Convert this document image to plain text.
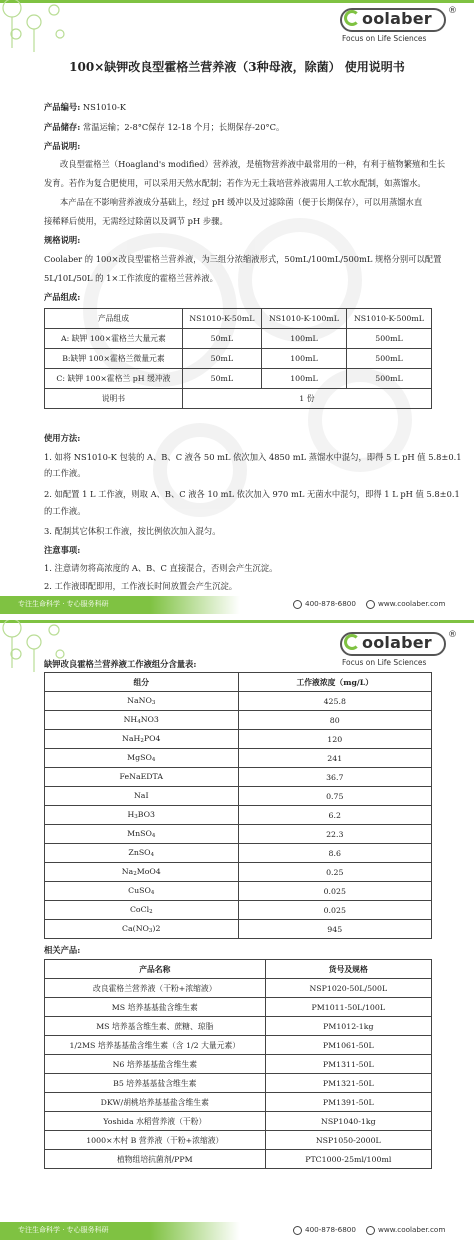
oolaber ®
Focus on Life Sciences
100×缺钾改良型霍格兰营养液（3种母液，除菌） 使用说明书
产品编号: NS1010-K
产品储存: 常温运输；2-8°C保存 12-18 个月；长期保存-20°C。
产品说明:
改良型霍格兰（Hoagland's modified）营养液，是植物营养液中最常用的一种，有利于植物繁殖和生长
发育。若作为复合肥使用，可以采用天然水配制；若作为无土栽培营养液需用人工软水配制，如蒸馏水。
本产品在不影响营养液成分基础上，经过 pH 缓冲以及过滤除菌（便于长期保存），可以用蒸馏水直
接稀释后使用，无需经过除菌以及调节 pH 步骤。
规格说明:
Coolaber 的 100×改良型霍格兰营养液，为三组分浓缩液形式，50mL/100mL/500mL 规格分别可以配置
5L/10L/50L 的 1×工作浓度的霍格兰营养液。
产品组成:
产品组成	NS1010-K-50mL	NS1010-K-100mL	NS1010-K-500mL
A: 缺钾 100×霍格兰大量元素	50mL	100mL	500mL
B:缺钾 100×霍格兰微量元素	50mL	100mL	500mL
C: 缺钾 100×霍格兰 pH 缓冲液	50mL	100mL	500mL
说明书	1 份		
使用方法:
1. 如将 NS1010-K 包装的 A、B、C 液各 50 mL 依次加入 4850 mL 蒸馏水中混匀，即得 5 L pH 值 5.8±0.1
的工作液。
2. 如配置 1 L 工作液，则取 A、B、C 液各 10 mL 依次加入 970 mL 无菌水中混匀，即得 1 L pH 值 5.8±0.1
的工作液。
3. 配制其它体积工作液，按比例依次加入混匀。
注意事项:
1. 注意请勿将高浓度的 A、B、C 直接混合，否则会产生沉淀。
2. 工作液即配即用，工作液长时间放置会产生沉淀。
专注生命科学 · 专心服务科研	400-878-6800	www.coolaber.com
oolaber ®
Focus on Life Sciences
缺钾改良霍格兰营养液工作液组分含量表:
组分	工作液浓度（mg/L）
NaNO3	425.8
NH4NO3	80
NaH2PO4	120
MgSO4	241
FeNaEDTA	36.7
NaI	0.75
H3BO3	6.2
MnSO4	22.3
ZnSO4	8.6
Na2MoO4	0.25
CuSO4	0.025
CoCl2	0.025
Ca(NO3)2	945
相关产品:
产品名称	货号及规格
改良霍格兰营养液（干粉+浓缩液）	NSP1020-50L/500L
MS 培养基基盐含维生素	PM1011-50L/100L
MS 培养基含维生素、蔗糖、琼脂	PM1012-1kg
1/2MS 培养基基盐含维生素（含 1/2 大量元素）	PM1061-50L
N6 培养基基盐含维生素	PM1311-50L
B5 培养基基盐含维生素	PM1321-50L
DKW/胡桃培养基基盐含维生素	PM1391-50L
Yoshida 水稻营养液（干粉）	NSP1040-1kg
1000×木村 B 营养液（干粉+浓缩液）	NSP1050-2000L
植物组培抗菌剂/PPM	PTC1000-25ml/100ml
专注生命科学 · 专心服务科研	400-878-6800	www.coolaber.com
